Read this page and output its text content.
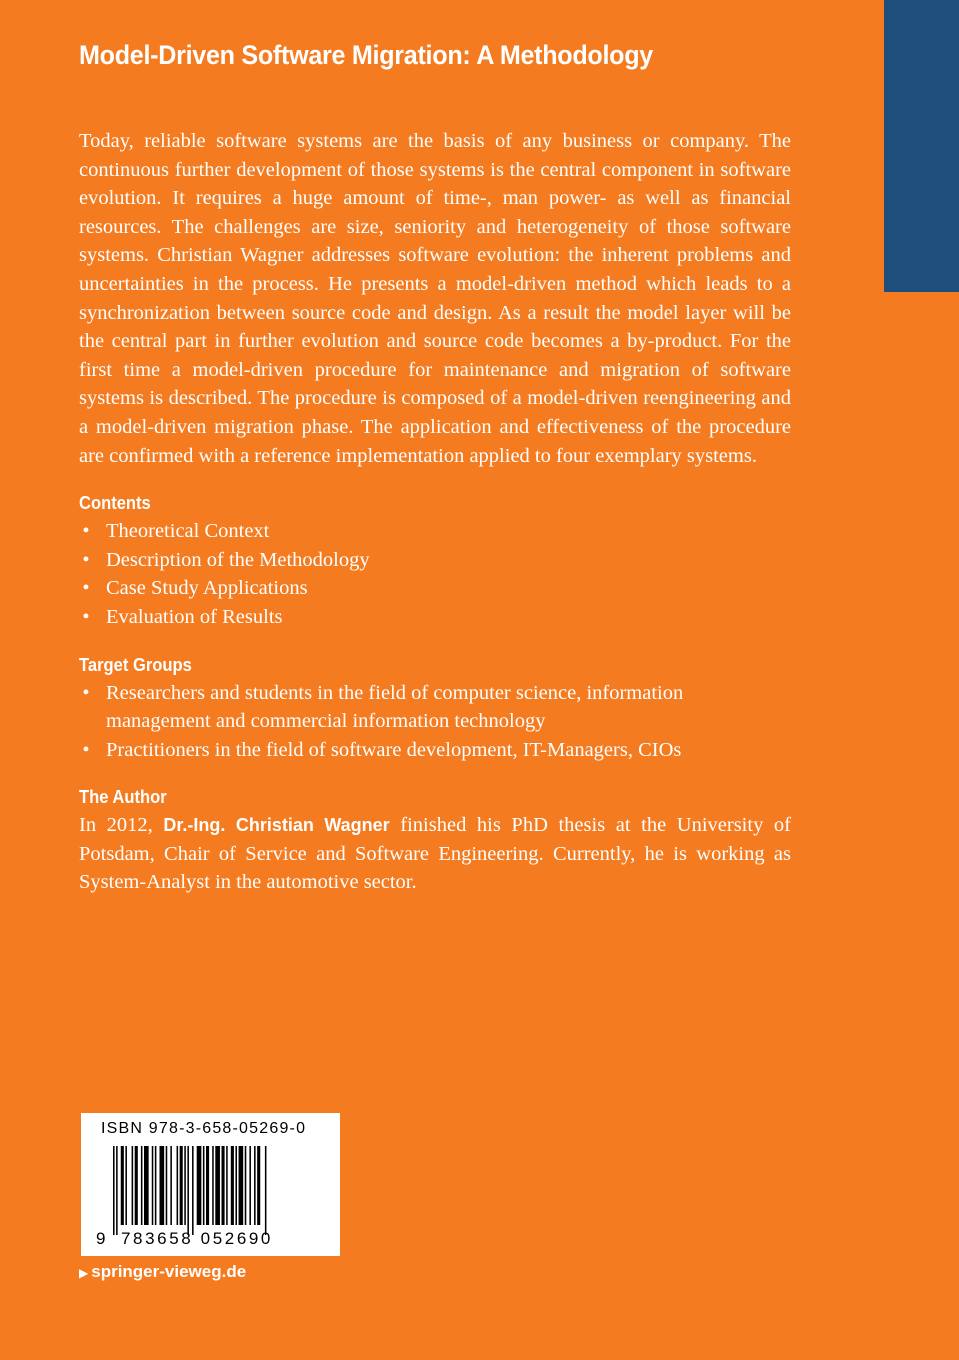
Model-Driven Software Migration: A Methodology

Today, reliable software systems are the basis of any business or company. The continuous further development of those systems is the central component in software evolution. It requires a huge amount of time-, man power- as well as financial resources. The challenges are size, seniority and heterogeneity of those software systems. Christian Wagner addresses software evolution: the inherent problems and uncertainties in the process. He presents a model-driven method which leads to a synchronization between source code and design. As a result the model layer will be the central part in further evolution and source code becomes a by-product. For the first time a model-driven procedure for maintenance and migration of software systems is described. The procedure is composed of a model-driven reengineering and a model-driven migration phase. The application and effectiveness of the procedure are confirmed with a reference implementation applied to four exemplary systems.

Contents
• Theoretical Context
• Description of the Methodology
• Case Study Applications
• Evaluation of Results
Target Groups
• Researchers and students in the field of computer science, information management and commercial information technology
• Practitioners in the field of software development, IT-Managers, CIOs
The Author

In 2012, Dr.-Ing. Christian Wagner finished his PhD thesis at the University of Potsdam, Chair of Service and Software Engineering. Currently, he is working as System-Analyst in the automotive sector.

ISBN 978-3-658-05269-0
9 783658 052690
▶ springer-vieweg.de
